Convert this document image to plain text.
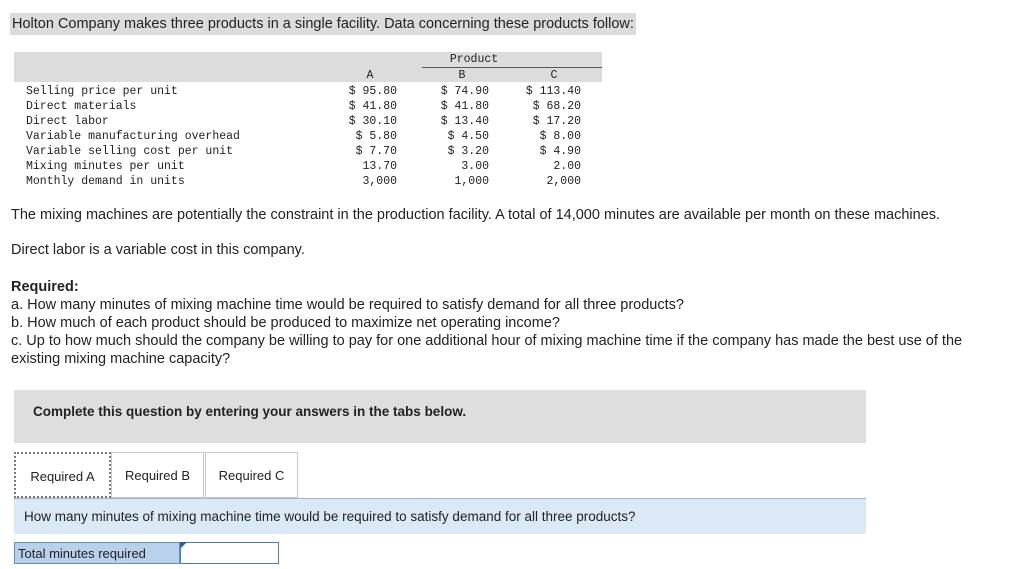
Holton Company makes three products in a single facility. Data concerning these products follow:
Product
A	B	C
Selling price per unit	$ 95.80	$ 74.90	$ 113.40
Direct materials	$ 41.80	$ 41.80	$ 68.20
Direct labor	$ 30.10	$ 13.40	$ 17.20
Variable manufacturing overhead	$ 5.80	$ 4.50	$ 8.00
Variable selling cost per unit	$ 7.70	$ 3.20	$ 4.90
Mixing minutes per unit	13.70	3.00	2.00
Monthly demand in units	3,000	1,000	2,000
The mixing machines are potentially the constraint in the production facility. A total of 14,000 minutes are available per month on these machines.
Direct labor is a variable cost in this company.
Required:
a. How many minutes of mixing machine time would be required to satisfy demand for all three products?
b. How much of each product should be produced to maximize net operating income?
c. Up to how much should the company be willing to pay for one additional hour of mixing machine time if the company has made the best use of the existing mixing machine capacity?
Complete this question by entering your answers in the tabs below.
Required A	Required B	Required C
How many minutes of mixing machine time would be required to satisfy demand for all three products?
Total minutes required
